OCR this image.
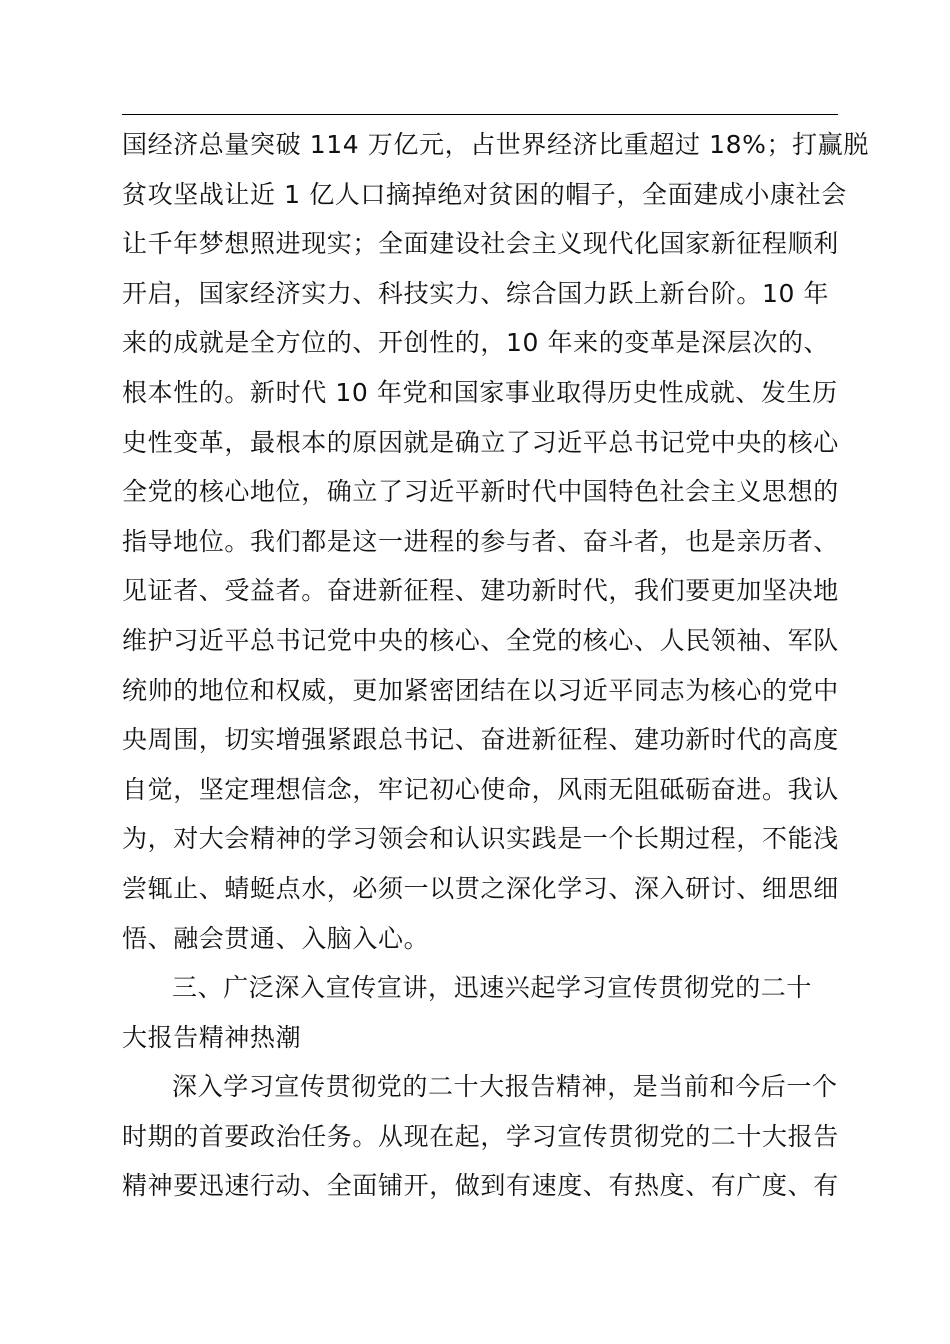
国经济总量突破 114 万亿元，占世界经济比重超过 18%；打赢脱
贫攻坚战让近 1 亿人口摘掉绝对贫困的帽子，全面建成小康社会
让千年梦想照进现实；全面建设社会主义现代化国家新征程顺利
开启，国家经济实力、科技实力、综合国力跃上新台阶。10 年
来的成就是全方位的、开创性的，10 年来的变革是深层次的、
根本性的。新时代 10 年党和国家事业取得历史性成就、发生历
史性变革，最根本的原因就是确立了习近平总书记党中央的核心
全党的核心地位，确立了习近平新时代中国特色社会主义思想的
指导地位。我们都是这一进程的参与者、奋斗者，也是亲历者、
见证者、受益者。奋进新征程、建功新时代，我们要更加坚决地
维护习近平总书记党中央的核心、全党的核心、人民领袖、军队
统帅的地位和权威，更加紧密团结在以习近平同志为核心的党中
央周围，切实增强紧跟总书记、奋进新征程、建功新时代的高度
自觉，坚定理想信念，牢记初心使命，风雨无阻砥砺奋进。我认
为，对大会精神的学习领会和认识实践是一个长期过程，不能浅
尝辄止、蜻蜓点水，必须一以贯之深化学习、深入研讨、细思细
悟、融会贯通、入脑入心。
三、广泛深入宣传宣讲，迅速兴起学习宣传贯彻党的二十
大报告精神热潮
深入学习宣传贯彻党的二十大报告精神，是当前和今后一个
时期的首要政治任务。从现在起，学习宣传贯彻党的二十大报告
精神要迅速行动、全面铺开，做到有速度、有热度、有广度、有
